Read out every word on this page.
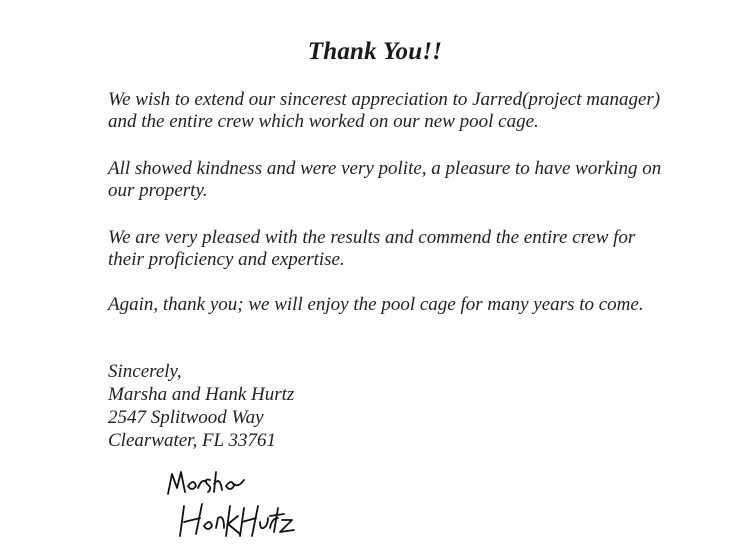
Thank You!!

We wish to extend our sincerest appreciation to Jarred(project manager) and the entire crew which worked on our new pool cage.

All showed kindness and were very polite, a pleasure to have working on our property.

We are very pleased with the results and commend the entire crew for their proficiency and expertise.

Again, thank you; we will enjoy the pool cage for many years to come.

Sincerely,
Marsha and Hank Hurtz
2547 Splitwood Way
Clearwater, FL 33761
